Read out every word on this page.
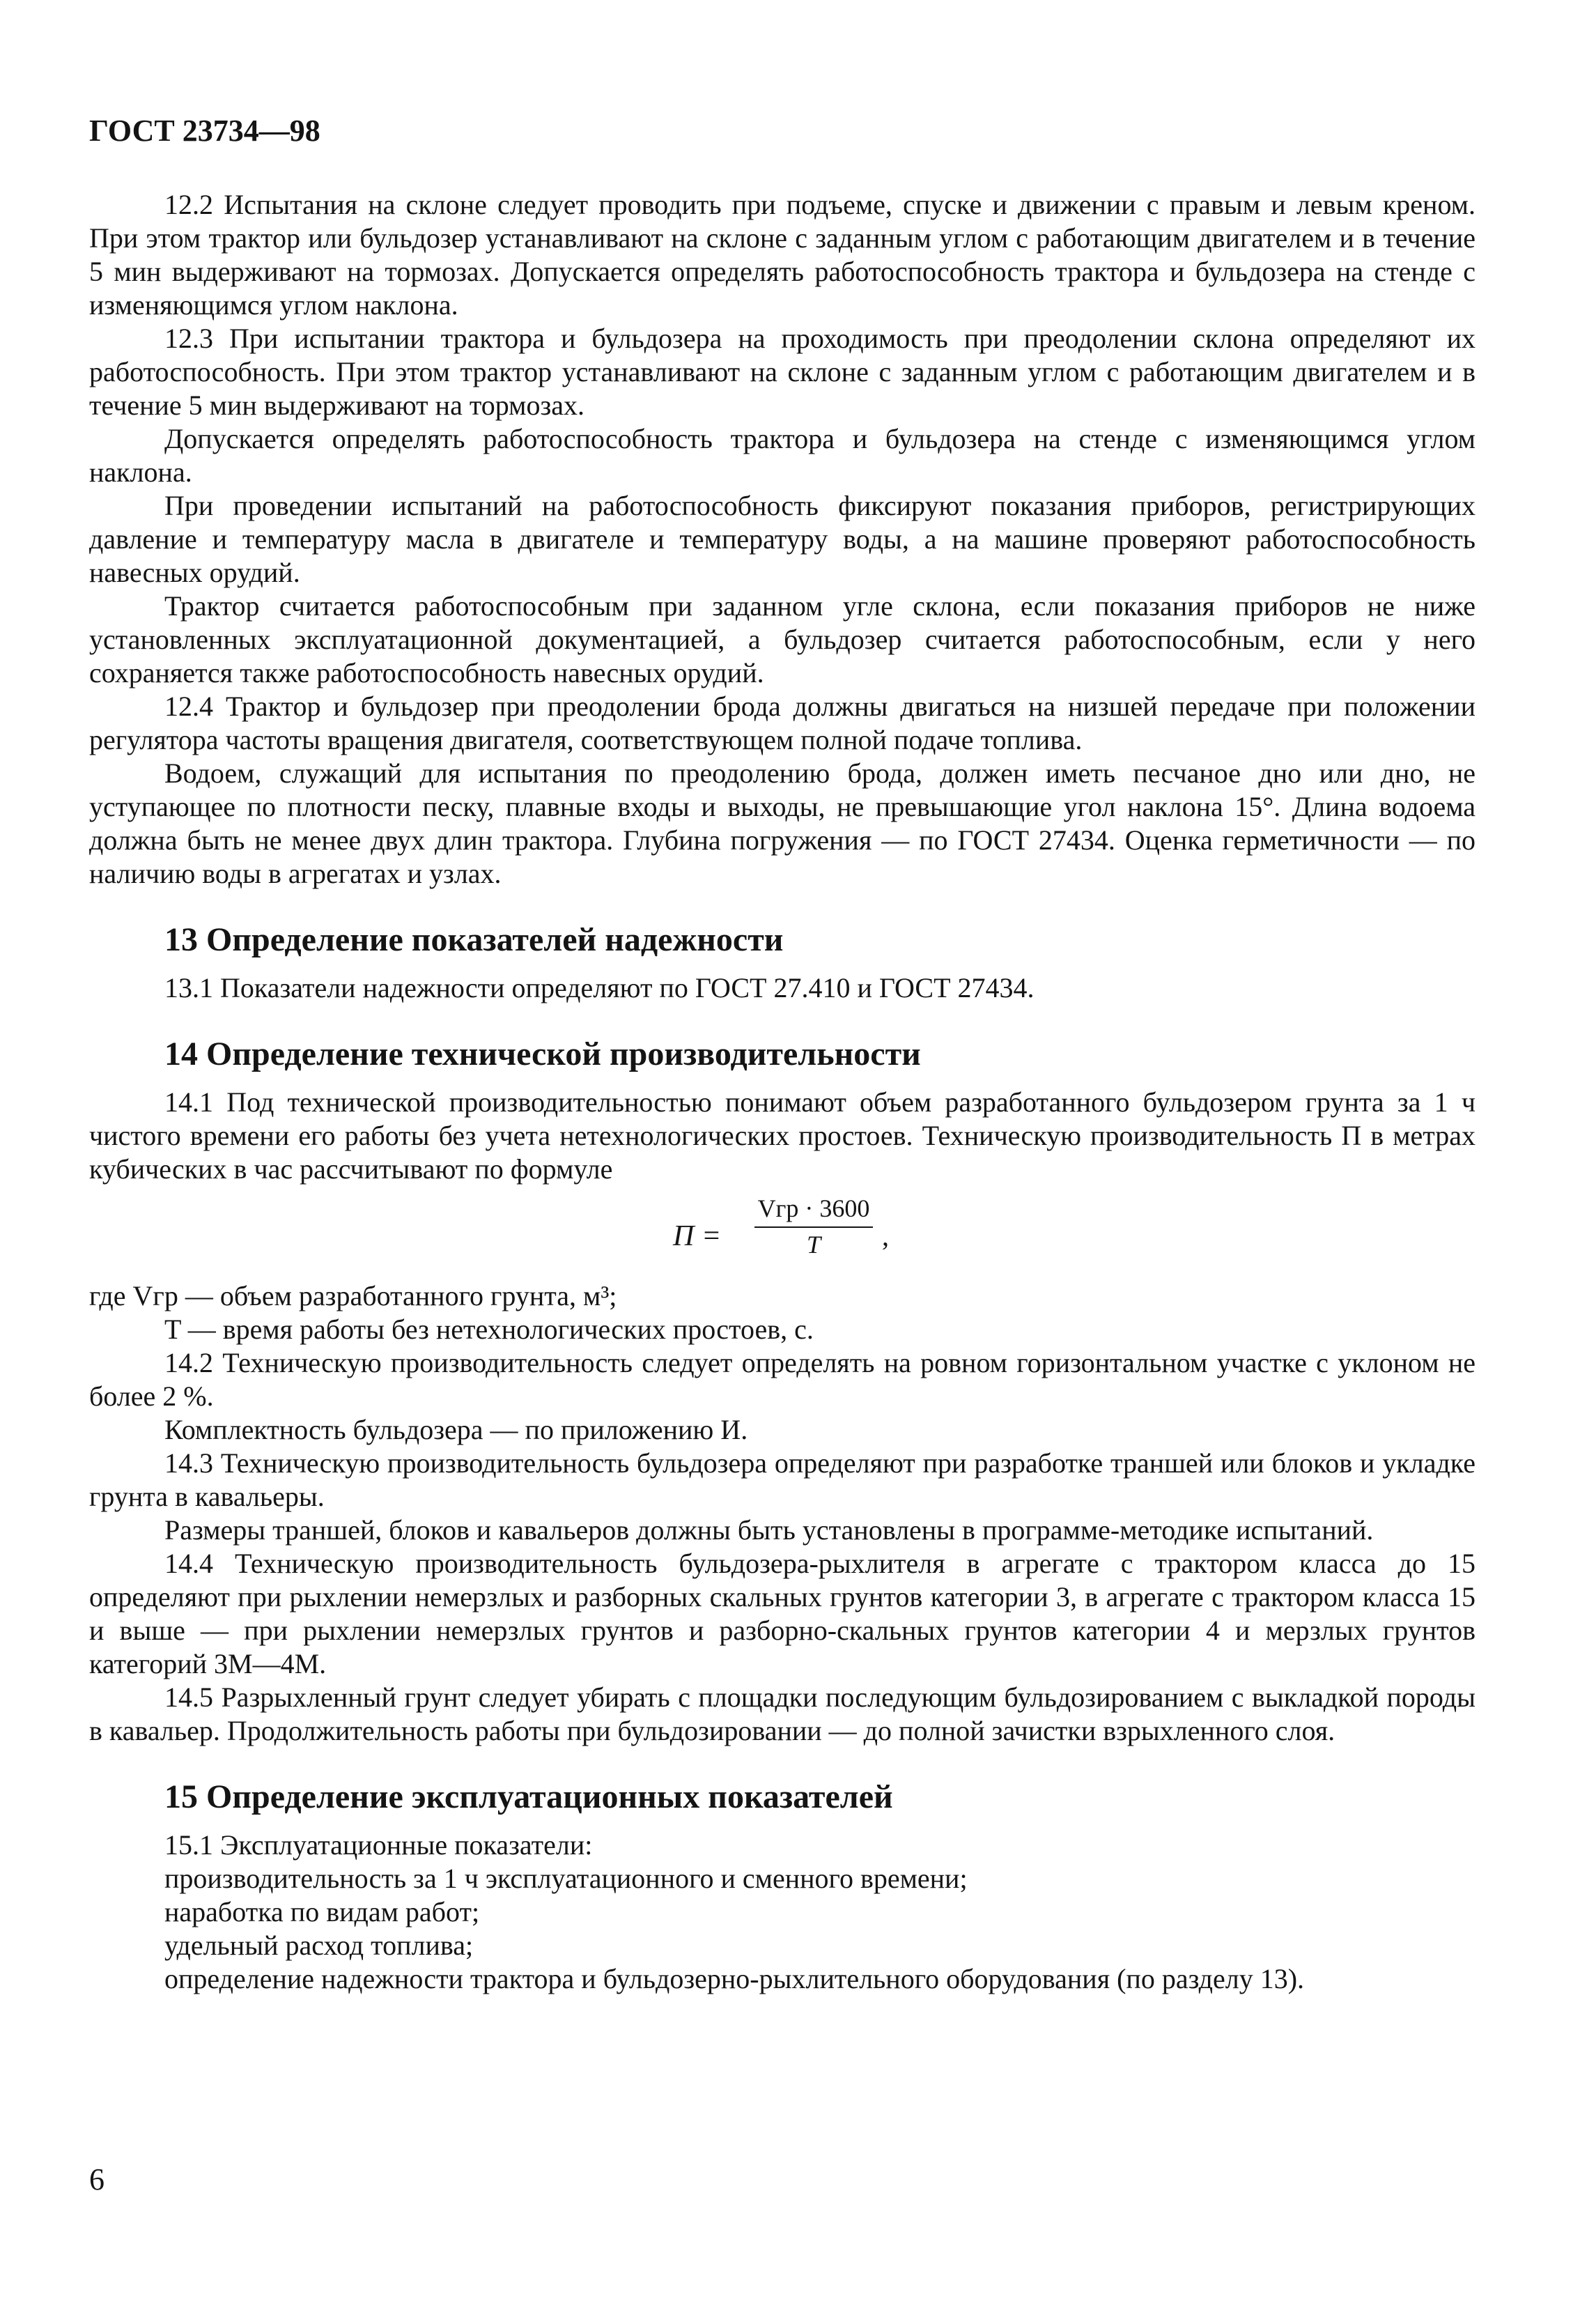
ГОСТ 23734—98

12.2 Испытания на склоне следует проводить при подъеме, спуске и движении с правым и левым креном. При этом трактор или бульдозер устанавливают на склоне с заданным углом с работающим двигателем и в течение 5 мин выдерживают на тормозах. Допускается определять работоспособность трактора и бульдозера на стенде с изменяющимся углом наклона.

12.3 При испытании трактора и бульдозера на проходимость при преодолении склона определяют их работоспособность. При этом трактор устанавливают на склоне с заданным углом с работающим двигателем и в течение 5 мин выдерживают на тормозах.

Допускается определять работоспособность трактора и бульдозера на стенде с изменяющимся углом наклона.

При проведении испытаний на работоспособность фиксируют показания приборов, регистрирующих давление и температуру масла в двигателе и температуру воды, а на машине проверяют работоспособность навесных орудий.

Трактор считается работоспособным при заданном угле склона, если показания приборов не ниже установленных эксплуатационной документацией, а бульдозер считается работоспособным, если у него сохраняется также работоспособность навесных орудий.

12.4 Трактор и бульдозер при преодолении брода должны двигаться на низшей передаче при положении регулятора частоты вращения двигателя, соответствующем полной подаче топлива.

Водоем, служащий для испытания по преодолению брода, должен иметь песчаное дно или дно, не уступающее по плотности песку, плавные входы и выходы, не превышающие угол наклона 15°. Длина водоема должна быть не менее двух длин трактора. Глубина погружения — по ГОСТ 27434. Оценка герметичности — по наличию воды в агрегатах и узлах.

13 Определение показателей надежности

13.1 Показатели надежности определяют по ГОСТ 27.410 и ГОСТ 27434.

14 Определение технической производительности

14.1 Под технической производительностью понимают объем разработанного бульдозером грунта за 1 ч чистого времени его работы без учета нетехнологических простоев. Техническую производительность П в метрах кубических в час рассчитывают по формуле

П =
Vгр · 3600
T	,

где Vгр — объем разработанного грунта, м³;

T — время работы без нетехнологических простоев, с.

14.2 Техническую производительность следует определять на ровном горизонтальном участке с уклоном не более 2 %.

Комплектность бульдозера — по приложению И.

14.3 Техническую производительность бульдозера определяют при разработке траншей или блоков и укладке грунта в кавальеры.

Размеры траншей, блоков и кавальеров должны быть установлены в программе-методике испытаний.

14.4 Техническую производительность бульдозера-рыхлителя в агрегате с трактором класса до 15 определяют при рыхлении немерзлых и разборных скальных грунтов категории 3, в агрегате с трактором класса 15 и выше — при рыхлении немерзлых грунтов и разборно-скальных грунтов категории 4 и мерзлых грунтов категорий 3М—4М.

14.5 Разрыхленный грунт следует убирать с площадки последующим бульдозированием с выкладкой породы в кавальер. Продолжительность работы при бульдозировании — до полной зачистки взрыхленного слоя.

15 Определение эксплуатационных показателей

15.1 Эксплуатационные показатели:

производительность за 1 ч эксплуатационного и сменного времени;

наработка по видам работ;

удельный расход топлива;

определение надежности трактора и бульдозерно-рыхлительного оборудования (по разделу 13).

6
